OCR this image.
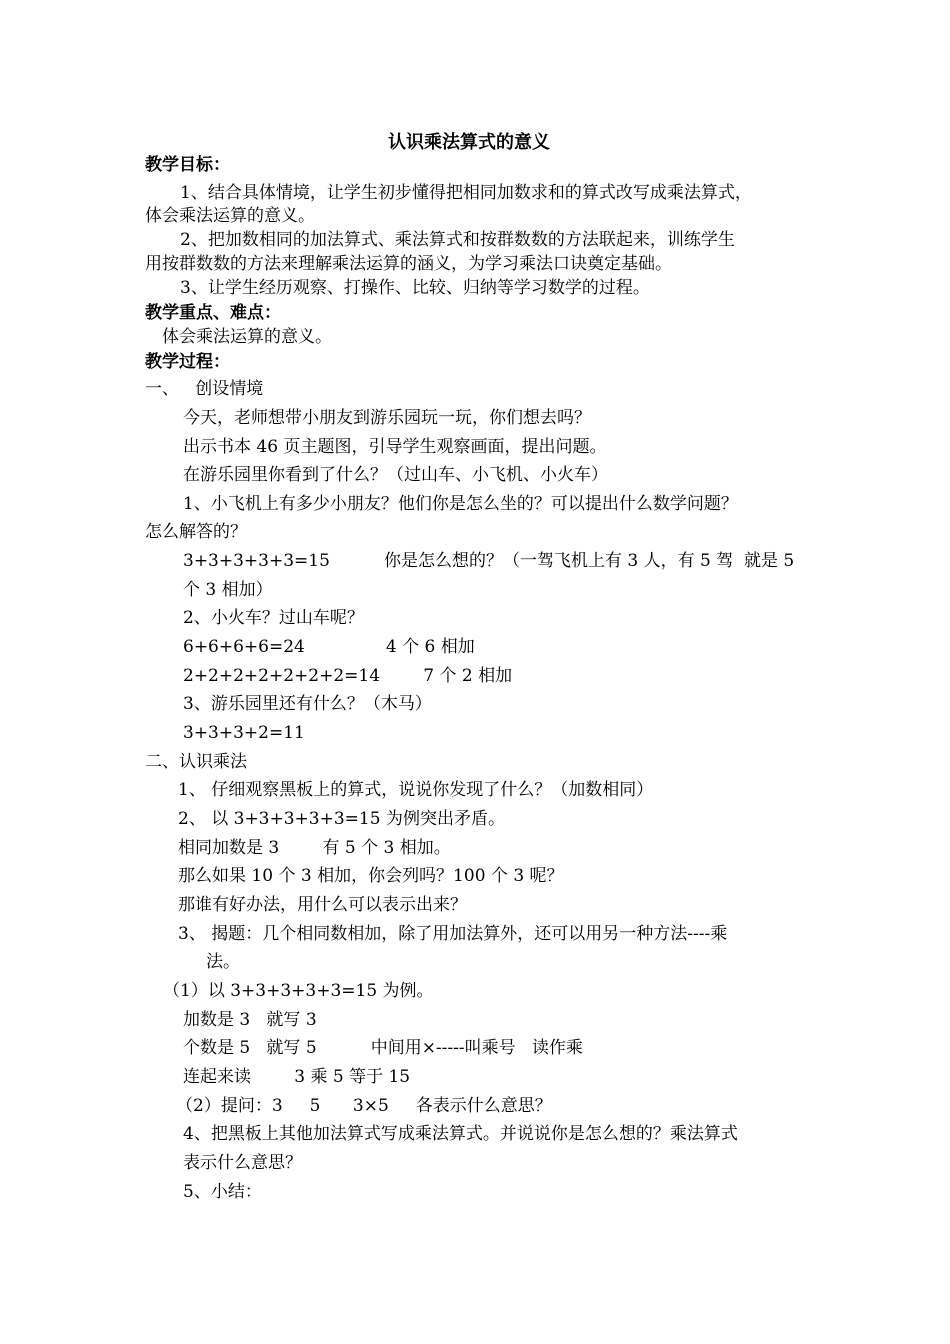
认识乘法算式的意义
教学目标：
1、结合具体情境，让学生初步懂得把相同加数求和的算式改写成乘法算式，
体会乘法运算的意义。
2、把加数相同的加法算式、乘法算式和按群数数的方法联起来，训练学生
用按群数数的方法来理解乘法运算的涵义，为学习乘法口诀奠定基础。
3、让学生经历观察、打操作、比较、归纳等学习数学的过程。
教学重点、难点：
体会乘法运算的意义。
教学过程：
一、   创设情境
今天，老师想带小朋友到游乐园玩一玩，你们想去吗？
出示书本 46 页主题图，引导学生观察画面，提出问题。
在游乐园里你看到了什么？（过山车、小飞机、小火车）
1、小飞机上有多少小朋友？他们你是怎么坐的？可以提出什么数学问题？
怎么解答的？
3+3+3+3+3=15          你是怎么想的？（一驾飞机上有 3 人，有 5 驾  就是 5
个 3 相加）
2、小火车？过山车呢？
6+6+6+6=24               4 个 6 相加
2+2+2+2+2+2+2=14        7 个 2 相加
3、游乐园里还有什么？（木马）
3+3+3+2=11
二、认识乘法
1、 仔细观察黑板上的算式，说说你发现了什么？（加数相同）
2、 以 3+3+3+3+3=15 为例突出矛盾。
相同加数是 3        有 5 个 3 相加。
那么如果 10 个 3 相加，你会列吗？100 个 3 呢？
那谁有好办法，用什么可以表示出来？
3、 揭题：几个相同数相加，除了用加法算外，还可以用另一种方法----乘
法。
（1）以 3+3+3+3+3=15 为例。
加数是 3   就写 3
个数是 5   就写 5          中间用×-----叫乘号   读作乘
连起来读        3 乘 5 等于 15
（2）提问：3     5      3×5     各表示什么意思？
4、把黑板上其他加法算式写成乘法算式。并说说你是怎么想的？乘法算式
表示什么意思？
5、小结：
